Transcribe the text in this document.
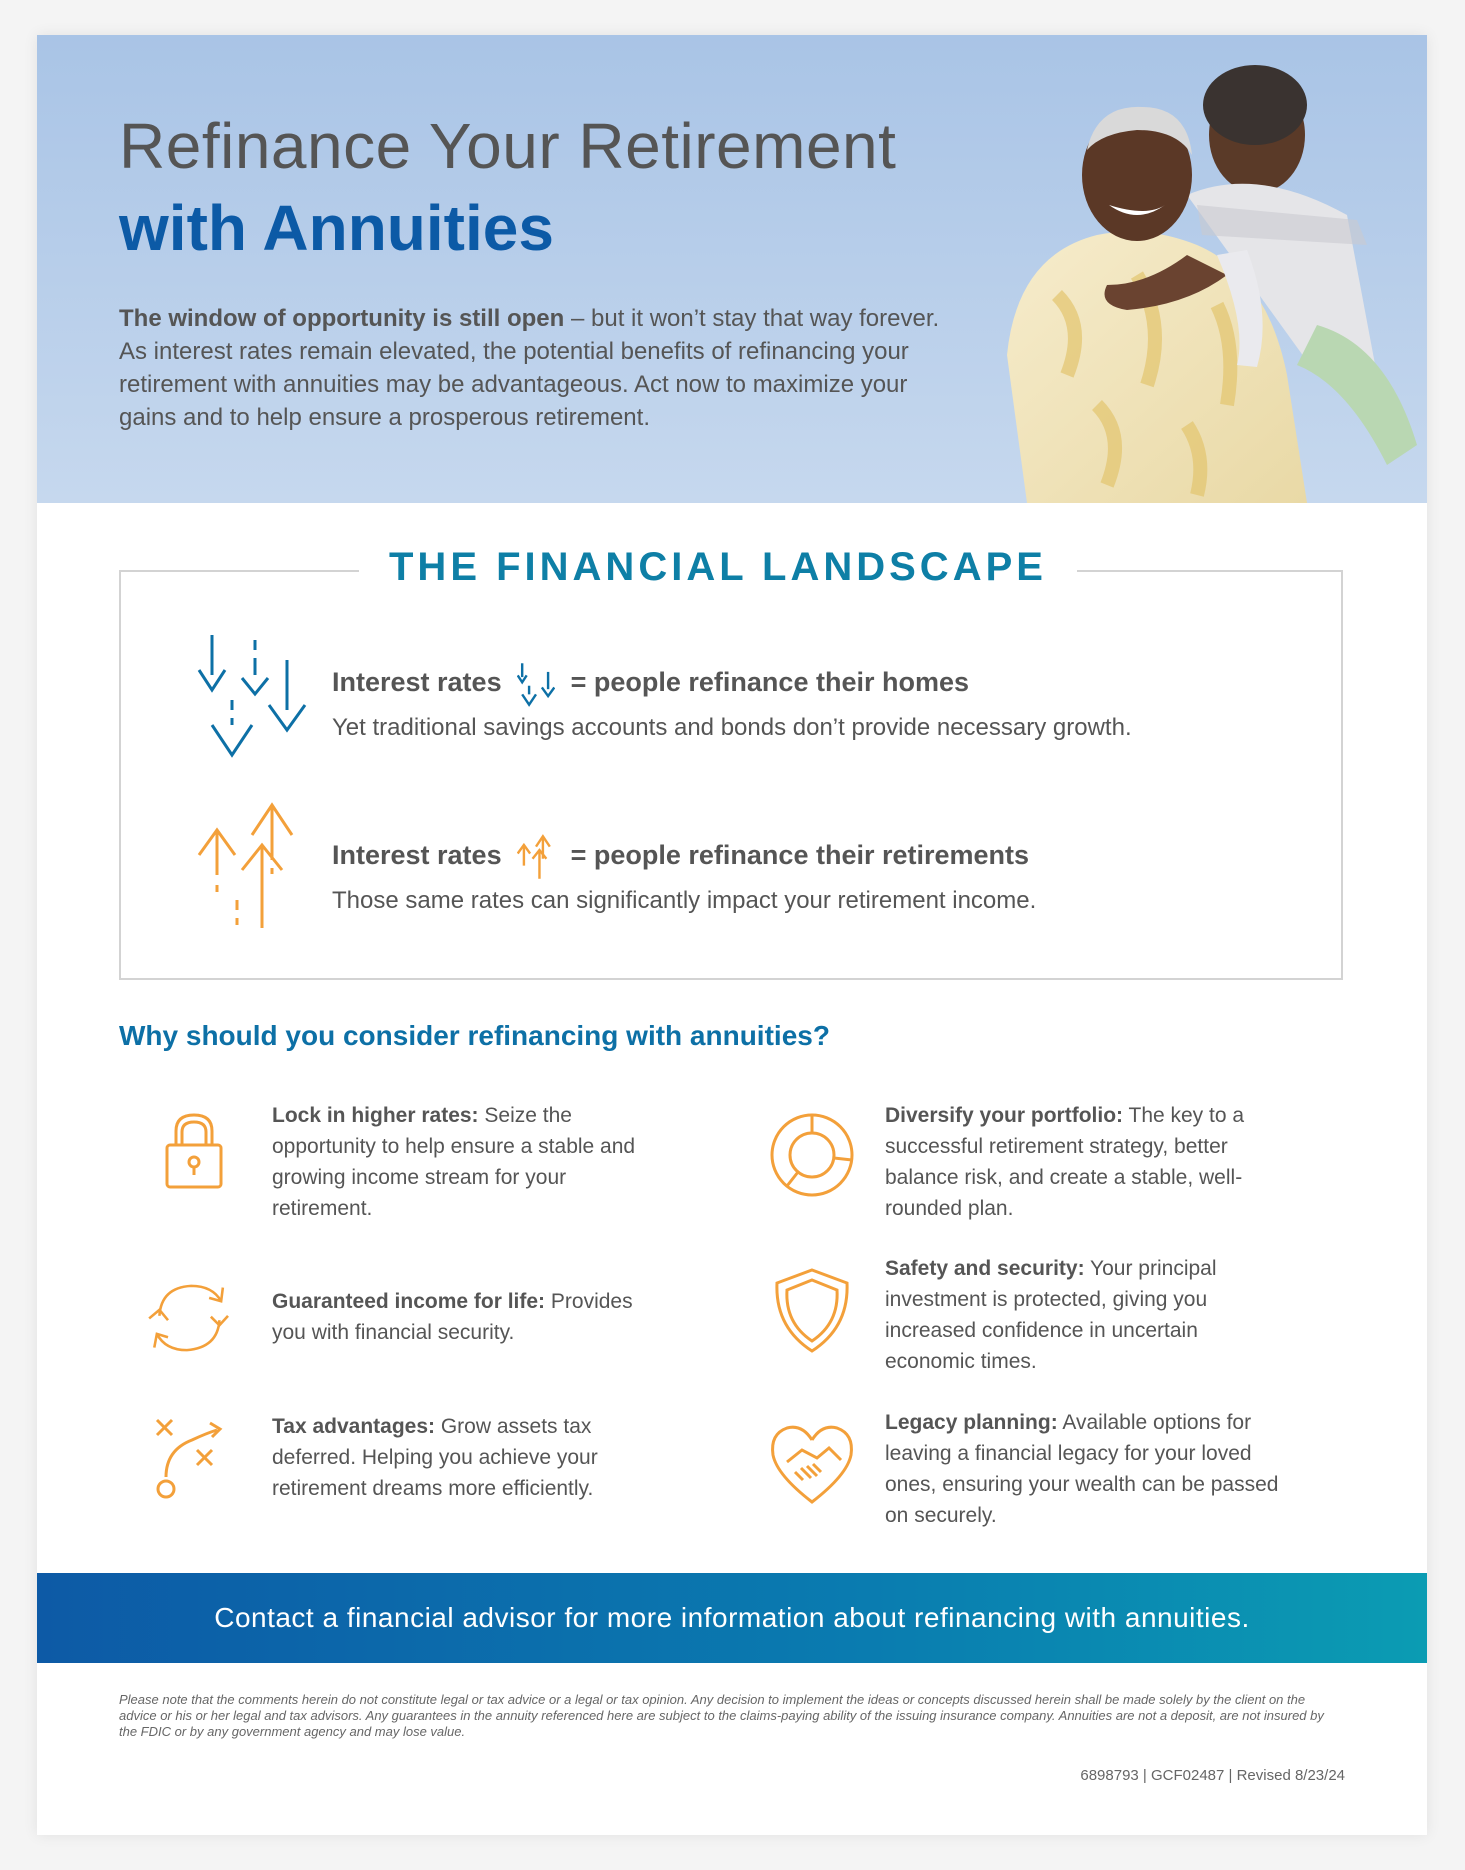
Refinance Your Retirement
with Annuities

The window of opportunity is still open – but it won’t stay that way forever. As interest rates remain elevated, the potential benefits of refinancing your retirement with annuities may be advantageous. Act now to maximize your gains and to help ensure a prosperous retirement.

THE FINANCIAL LANDSCAPE

Interest rates	= people refinance their homes

Yet traditional savings accounts and bonds don’t provide necessary growth.

Interest rates	= people refinance their retirements

Those same rates can significantly impact your retirement income.

Why should you consider refinancing with annuities?

Lock in higher rates: Seize the opportunity to help ensure a stable and growing income stream for your retirement.

Guaranteed income for life: Provides you with financial security.

Tax advantages: Grow assets tax deferred. Helping you achieve your retirement dreams more efficiently.

Diversify your portfolio: The key to a successful retirement strategy, better balance risk, and create a stable, well-rounded plan.

Safety and security: Your principal investment is protected, giving you increased confidence in uncertain economic times.

Legacy planning: Available options for leaving a financial legacy for your loved ones, ensuring your wealth can be passed on securely.

Contact a financial advisor for more information about refinancing with annuities.

Please note that the comments herein do not constitute legal or tax advice or a legal or tax opinion. Any decision to implement the ideas or concepts discussed herein shall be made solely by the client on the advice or his or her legal and tax advisors. Any guarantees in the annuity referenced here are subject to the claims-paying ability of the issuing insurance company. Annuities are not a deposit, are not insured by the FDIC or by any government agency and may lose value.

6898793 | GCF02487 | Revised 8/23/24
